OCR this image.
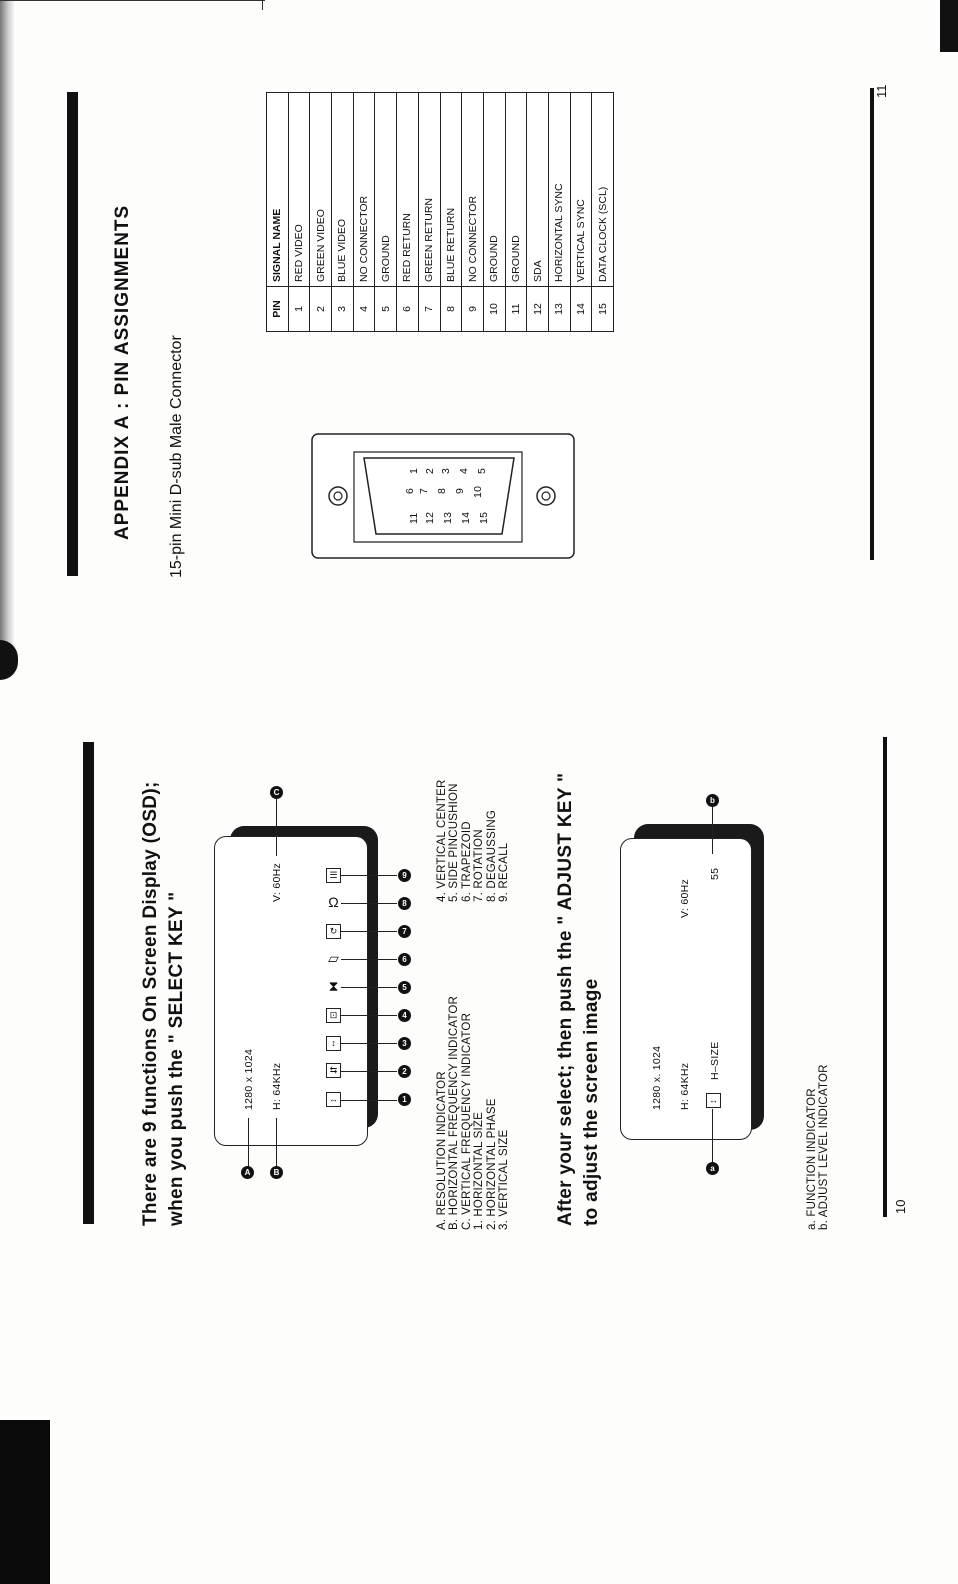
10
There are 9 functions On Screen Display (OSD); when you push the " SELECT KEY "	1280 x 1024 H: 64KHz
V: 60Hz
A	B
C
↔
⇆
↕
⊡
⧗
▱
↻
Ω
☰
1
2
3
4
5
6
7
8
9
A. RESOLUTION INDICATOR B. HORIZONTAL FREQUENCY INDICATOR C. VERTICAL FREQUENCY INDICATOR 1. HORIZONTAL SIZE 2. HORIZONTAL PHASE 3. VERTICAL SIZE
4. VERTICAL CENTER 5. SIDE PINCUSHION 6. TRAPEZOID 7. ROTATION 8. DEGAUSSING 9. RECALL After your select; then push the " ADJUST KEY " to adjust the screen image	1280 x. 1024 H: 64KHz
V: 60Hz
↔
H–SIZE
55
a
b
a. FUNCTION INDICATOR b. ADJUST LEVEL INDICATOR
11
APPENDIX A : PIN ASSIGNMENTS 15-pin Mini D-sub Male Connector	1 2 3 4 5
6 7 8 9 10
11 12 13 14 15
PIN	SIGNAL NAME
1	RED VIDEO
2	GREEN VIDEO
3	BLUE VIDEO
4	NO CONNECTOR
5	GROUND
6	RED RETURN
7	GREEN RETURN
8	BLUE RETURN
9	NO CONNECTOR
10	GROUND
11	GROUND
12	SDA
13	HORIZONTAL SYNC
14	VERTICAL SYNC
15	DATA CLOCK (SCL)
